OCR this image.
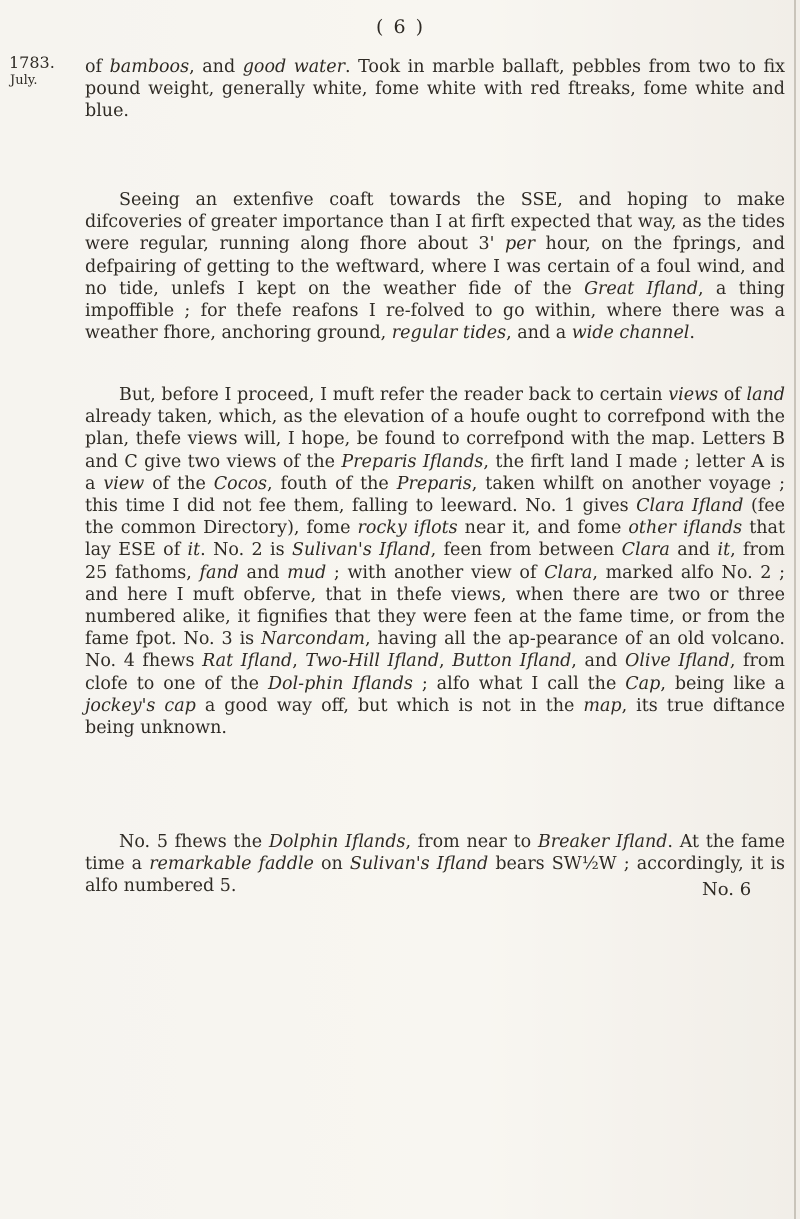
( 6 )
1783.
July.
of bamboos, and good water. Took in marble ballaft, pebbles from two to fix pound weight, generally white, fome white with red ftreaks, fome white and blue.
Seeing an extenfive coaft towards the SSE, and hoping to make difcoveries of greater importance than I at firft expected that way, as the tides were regular, running along fhore about 3' per hour, on the fprings, and defpairing of getting to the weftward, where I was certain of a foul wind, and no tide, unlefs I kept on the weather fide of the Great Ifland, a thing impoffible ; for thefe reafons I re-folved to go within, where there was a weather fhore, anchoring ground, regular tides, and a wide channel.
But, before I proceed, I muft refer the reader back to certain views of land already taken, which, as the elevation of a houfe ought to correfpond with the plan, thefe views will, I hope, be found to correfpond with the map. Letters B and C give two views of the Preparis Iflands, the firft land I made ; letter A is a view of the Cocos, fouth of the Preparis, taken whilft on another voyage ; this time I did not fee them, falling to leeward. No. 1 gives Clara Ifland (fee the common Directory), fome rocky iflots near it, and fome other iflands that lay ESE of it. No. 2 is Sulivan's Ifland, feen from between Clara and it, from 25 fathoms, fand and mud ; with another view of Clara, marked alfo No. 2 ; and here I muft obferve, that in thefe views, when there are two or three numbered alike, it fignifies that they were feen at the fame time, or from the fame fpot. No. 3 is Narcondam, having all the ap-pearance of an old volcano. No. 4 fhews Rat Ifland, Two-Hill Ifland, Button Ifland, and Olive Ifland, from clofe to one of the Dol-phin Iflands ; alfo what I call the Cap, being like a jockey's cap a good way off, but which is not in the map, its true diftance being unknown.
No. 5 fhews the Dolphin Iflands, from near to Breaker Ifland. At the fame time a remarkable faddle on Sulivan's Ifland bears SW½W ; accordingly, it is alfo numbered 5.	No. 6
